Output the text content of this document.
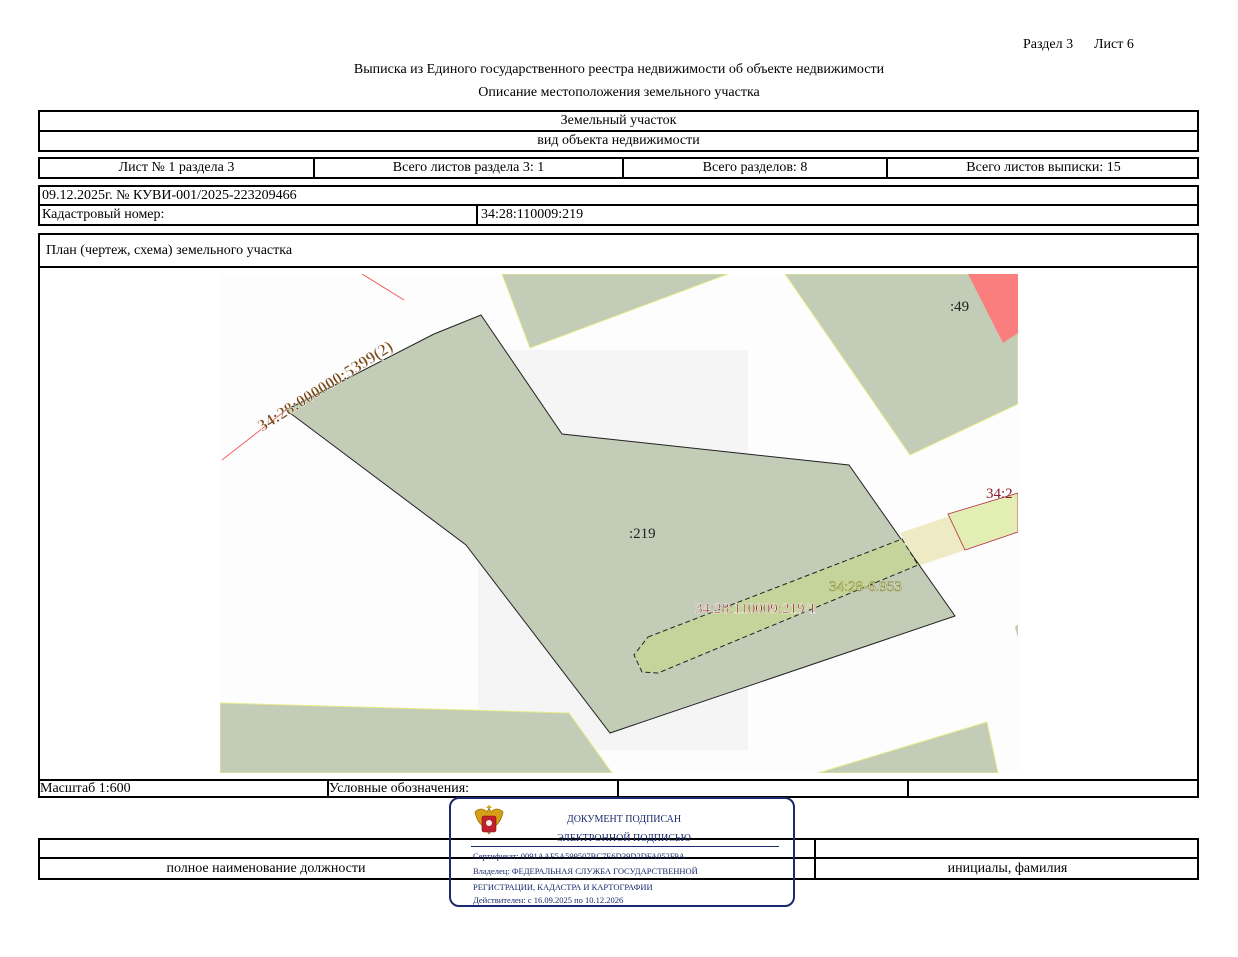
Раздел 3 Лист 6
Выписка из Единого государственного реестра недвижимости об объекте недвижимости
Описание местоположения земельного участка
Земельный участок
вид объекта недвижимости
Лист № 1 раздела 3	Всего листов раздела 3: 1	Всего разделов: 8	Всего листов выписки: 15
09.12.2025г. № КУВИ-001/2025-223209466
Кадастровый номер:	34:28:110009:219
План (чертеж, схема) земельного участка
34:28:000000:5399(2)
:219
:49
34:28:110009:219/1
34:28-6.953
34:2
Масштаб 1:600	Условные обозначения:
полное наименование должности	инициалы, фамилия
ДОКУМЕНТ ПОДПИСАН
ЭЛЕКТРОННОЙ ПОДПИСЬЮ
Сертификат: 0091AAF5A599507BC7E6D39D2DFA052F9A
Владелец: ФЕДЕРАЛЬНАЯ СЛУЖБА ГОСУДАРСТВЕННОЙ
РЕГИСТРАЦИИ, КАДАСТРА И КАРТОГРАФИИ
Действителен: с 16.09.2025 по 10.12.2026
